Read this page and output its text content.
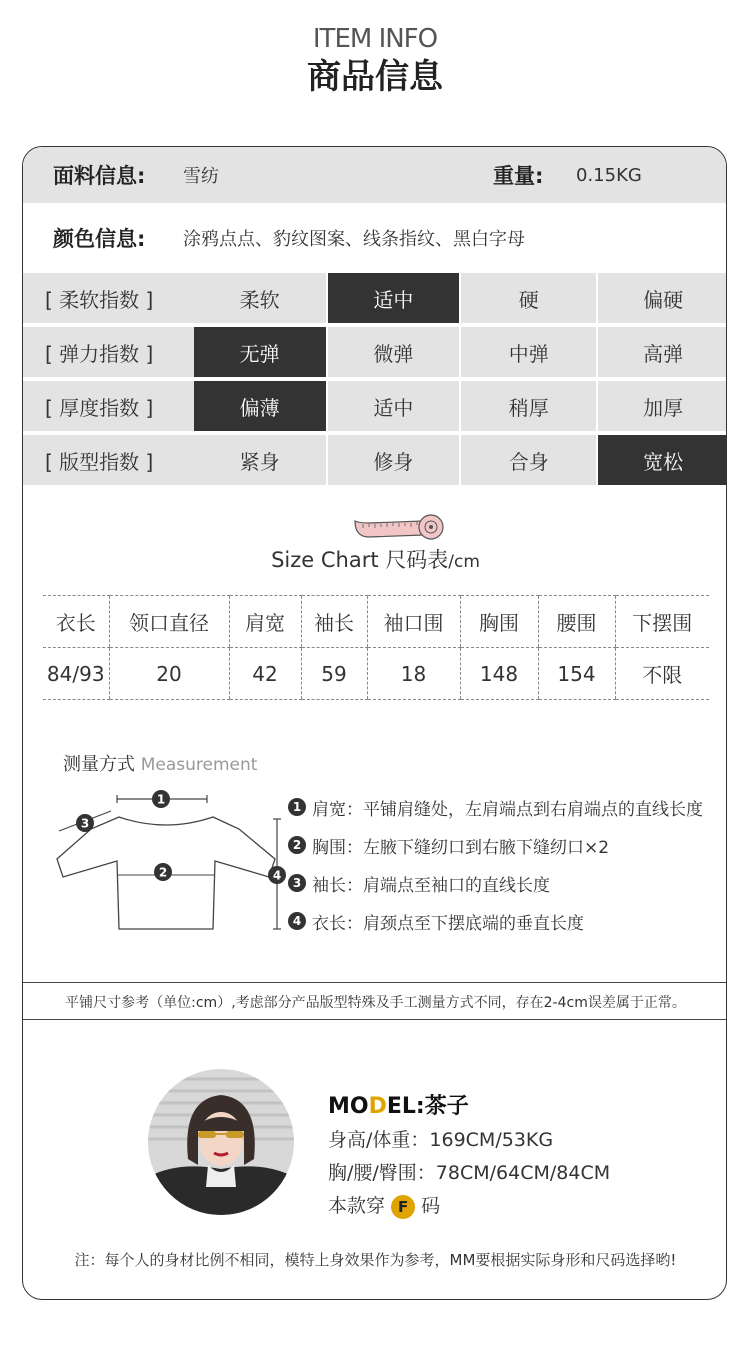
ITEM INFO
商品信息
面料信息: 雪纺	重量: 0.15KG
颜色信息: 涂鸦点点、豹纹图案、线条指纹、黑白字母
[ 柔软指数 ]	柔软	适中	硬	偏硬
[ 弹力指数 ]	无弹	微弹	中弹	高弹
[ 厚度指数 ]	偏薄	适中	稍厚	加厚
[ 版型指数 ]	紧身	修身	合身	宽松
Size Chart 尺码表/cm
衣长	领口直径	肩宽	袖长	袖口围	胸围	腰围	下摆围
84/93	20	42	59	18	148	154	不限
测量方式 Measurement
1
2
3
4
1 肩宽：平铺肩缝处，左肩端点到右肩端点的直线长度
2 胸围：左腋下缝纫口到右腋下缝纫口×2
3 袖长：肩端点至袖口的直线长度
4 衣长：肩颈点至下摆底端的垂直长度
平铺尺寸参考（单位:cm）,考虑部分产品版型特殊及手工测量方式不同，存在2-4cm误差属于正常。
MODEL:茶子
身高/体重：169CM/53KG
胸/腰/臀围：78CM/64CM/84CM
本款穿 F 码
注：每个人的身材比例不相同，模特上身效果作为参考，MM要根据实际身形和尺码选择哟!
